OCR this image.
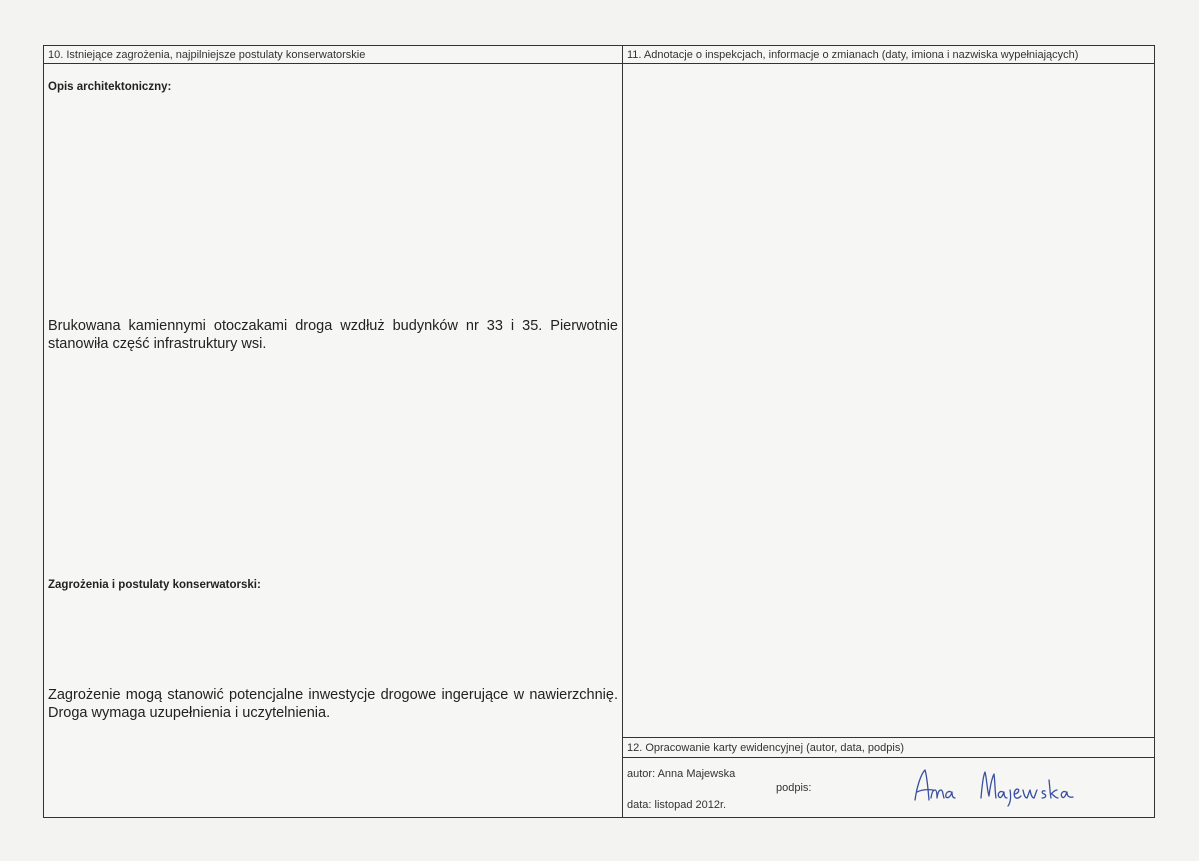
10. Istniejące zagrożenia, najpilniejsze postulaty konserwatorskie
Opis architektoniczny:
Brukowana kamiennymi otoczakami droga wzdłuż budynków nr 33 i 35. Pierwotnie stanowiła część infrastruktury wsi.
Zagrożenia i postulaty konserwatorski:
Zagrożenie mogą stanowić potencjalne inwestycje drogowe ingerujące w nawierzchnię. Droga wymaga uzupełnienia i uczytelnienia.
11. Adnotacje o inspekcjach, informacje o zmianach (daty, imiona i nazwiska wypełniających)
12. Opracowanie karty ewidencyjnej (autor, data, podpis)
autor: Anna Majewska
podpis:
data: listopad 2012r.
